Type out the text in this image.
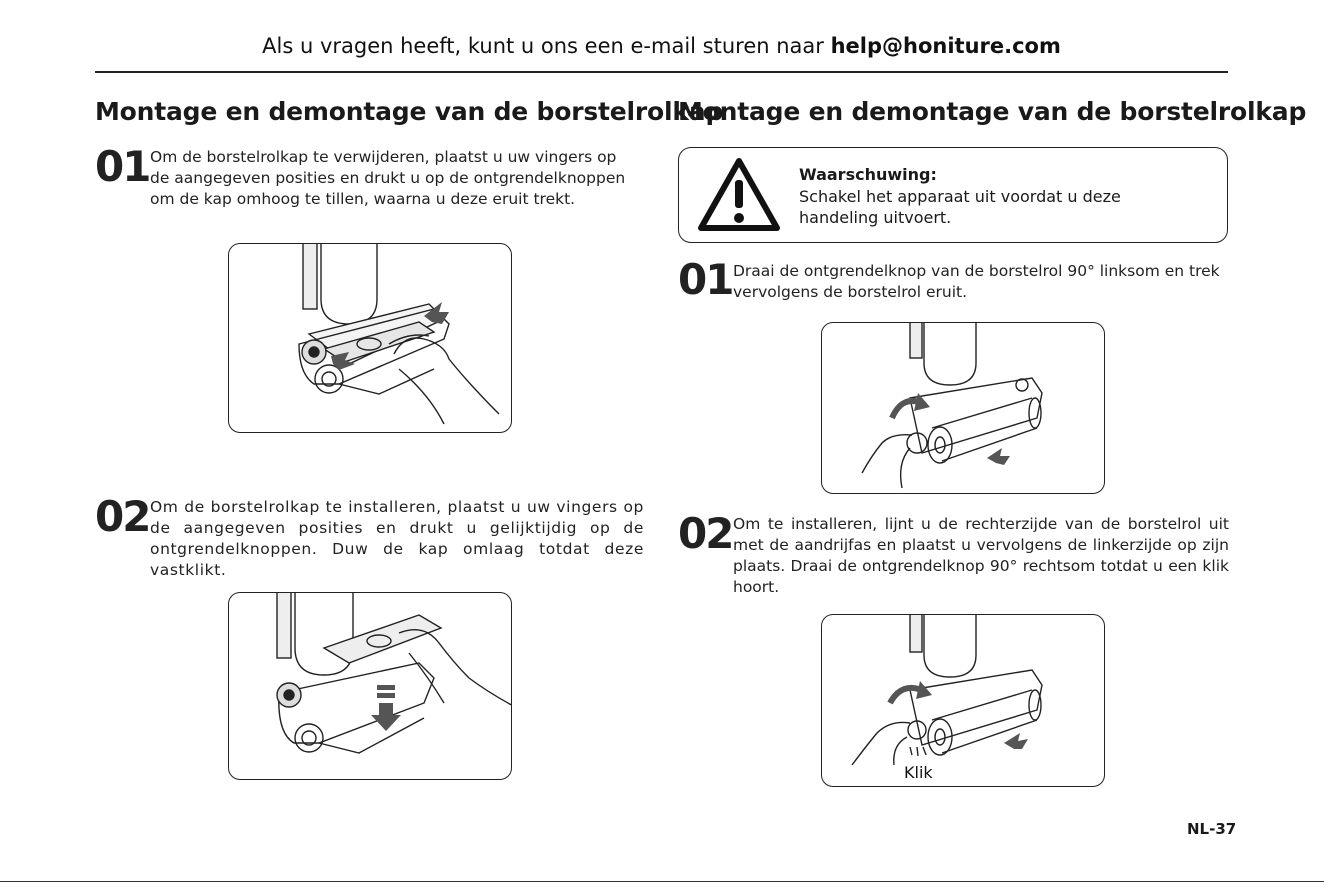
Als u vragen heeft, kunt u ons een e-mail sturen naar help@honiture.com
Montage en demontage van de borstelrolkap
01 Om de borstelrolkap te verwijderen, plaatst u uw vingers op de aangegeven posities en drukt u op de ontgrendelknoppen om de kap omhoog te tillen, waarna u deze eruit trekt.
02 Om de borstelrolkap te installeren, plaatst u uw vingers op de aangegeven posities en drukt u gelijktijdig op de ontgrendelknoppen. Duw de kap omlaag totdat deze vastklikt.
Montage en demontage van de borstelrolkap
Waarschuwing:
Schakel het apparaat uit voordat u deze handeling uitvoert.
01 Draai de ontgrendelknop van de borstelrol 90° linksom en trek vervolgens de borstelrol eruit.
02 Om te installeren, lijnt u de rechterzijde van de borstelrol uit met de aandrijfas en plaatst u vervolgens de linkerzijde op zijn plaats. Draai de ontgrendelknop 90° rechtsom totdat u een klik hoort.
Klik
NL-37
